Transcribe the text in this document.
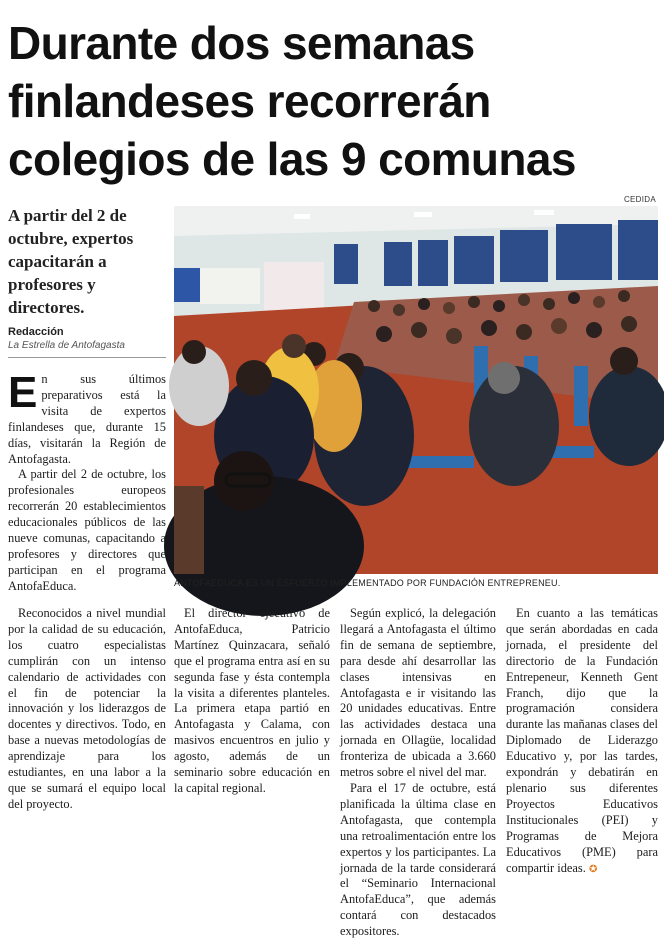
Durante dos semanas
finlandeses recorrerán
colegios de las 9 comunas
CEDIDA
A partir del 2 de octubre, expertos capacitarán a profesores y directores.
Redacción
La Estrella de Antofagasta
ANTOFAEDUCA ES UN ESFUERZO IMPLEMENTADO POR FUNDACIÓN ENTREPRENEU.

En sus últimos preparativos está la visita de expertos finlandeses que, durante 15 días, visitarán la Región de Antofagasta.

A partir del 2 de octubre, los profesionales europeos recorrerán 20 establecimientos educacionales públicos de las nueve comunas, capacitando a profesores y directores que participan en el programa AntofaEduca.

Reconocidos a nivel mundial por la calidad de su educación, los cuatro especialistas cumplirán con un intenso calendario de actividades con el fin de potenciar la innovación y los liderazgos de docentes y directivos. Todo, en base a nuevas metodologías de aprendizaje para los estudiantes, en una labor a la que se sumará el equipo local del proyecto.

El director ejecutivo de AntofaEduca, Patricio Martínez Quinzacara, señaló que el programa entra así en su segunda fase y ésta contempla la visita a diferentes planteles. La primera etapa partió en Antofagasta y Calama, con masivos encuentros en julio y agosto, además de un seminario sobre educación en la capital regional.

Según explicó, la delegación llegará a Antofagasta el último fin de semana de septiembre, para desde ahí desarrollar las clases intensivas en Antofagasta e ir visitando las 20 unidades educativas. Entre las actividades destaca una jornada en Ollagüe, localidad fronteriza de ubicada a 3.660 metros sobre el nivel del mar.

Para el 17 de octubre, está planificada la última clase en Antofagasta, que contempla una retroalimentación entre los expertos y los participantes. La jornada de la tarde considerará el “Seminario Internacional AntofaEduca”, que además contará con destacados expositores.

En cuanto a las temáticas que serán abordadas en cada jornada, el presidente del directorio de la Fundación Entrepeneur, Kenneth Gent Franch, dijo que la programación considera durante las mañanas clases del Diplomado de Liderazgo Educativo y, por las tardes, expondrán y debatirán en plenario sus diferentes Proyectos Educativos Institucionales (PEI) y Programas de Mejora Educativos (PME) para compartir ideas. ✪
